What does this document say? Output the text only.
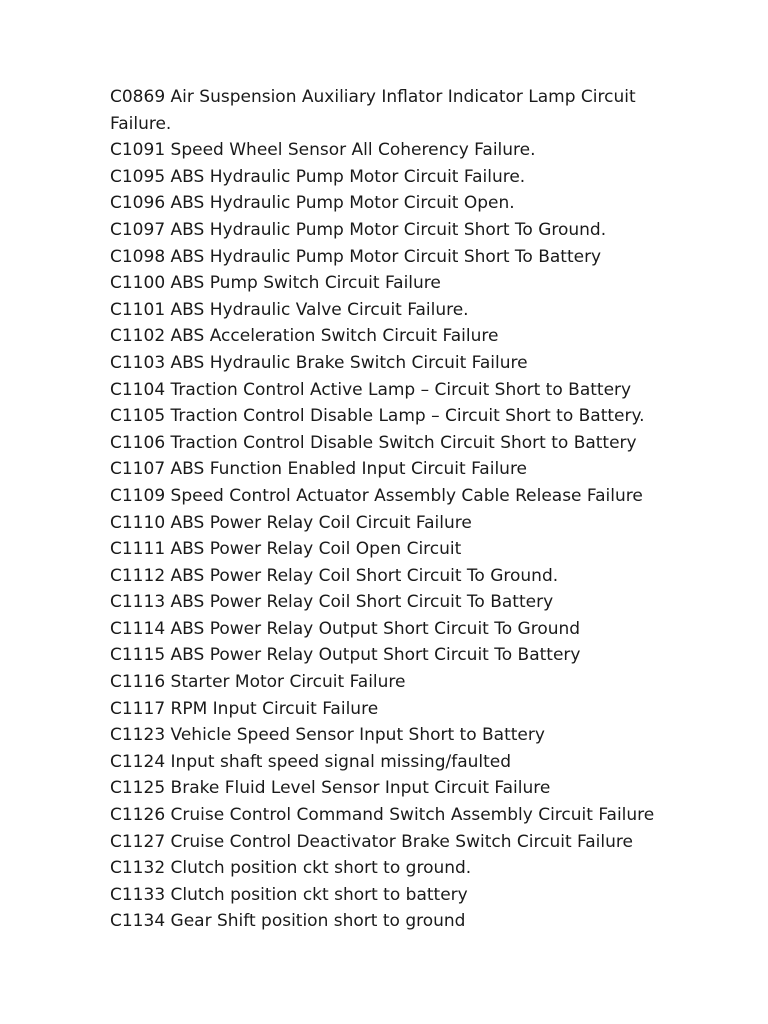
C0869 Air Suspension Auxiliary Inflator Indicator Lamp Circuit Failure.
C1091 Speed Wheel Sensor All Coherency Failure.
C1095 ABS Hydraulic Pump Motor Circuit Failure.
C1096 ABS Hydraulic Pump Motor Circuit Open.
C1097 ABS Hydraulic Pump Motor Circuit Short To Ground.
C1098 ABS Hydraulic Pump Motor Circuit Short To Battery
C1100 ABS Pump Switch Circuit Failure
C1101 ABS Hydraulic Valve Circuit Failure.
C1102 ABS Acceleration Switch Circuit Failure
C1103 ABS Hydraulic Brake Switch Circuit Failure
C1104 Traction Control Active Lamp – Circuit Short to Battery
C1105 Traction Control Disable Lamp – Circuit Short to Battery.
C1106 Traction Control Disable Switch Circuit Short to Battery
C1107 ABS Function Enabled Input Circuit Failure
C1109 Speed Control Actuator Assembly Cable Release Failure
C1110 ABS Power Relay Coil Circuit Failure
C1111 ABS Power Relay Coil Open Circuit
C1112 ABS Power Relay Coil Short Circuit To Ground.
C1113 ABS Power Relay Coil Short Circuit To Battery
C1114 ABS Power Relay Output Short Circuit To Ground
C1115 ABS Power Relay Output Short Circuit To Battery
C1116 Starter Motor Circuit Failure
C1117 RPM Input Circuit Failure
C1123 Vehicle Speed Sensor Input Short to Battery
C1124 Input shaft speed signal missing/faulted
C1125 Brake Fluid Level Sensor Input Circuit Failure
C1126 Cruise Control Command Switch Assembly Circuit Failure
C1127 Cruise Control Deactivator Brake Switch Circuit Failure
C1132 Clutch position ckt short to ground.
C1133 Clutch position ckt short to battery
C1134 Gear Shift position short to ground
